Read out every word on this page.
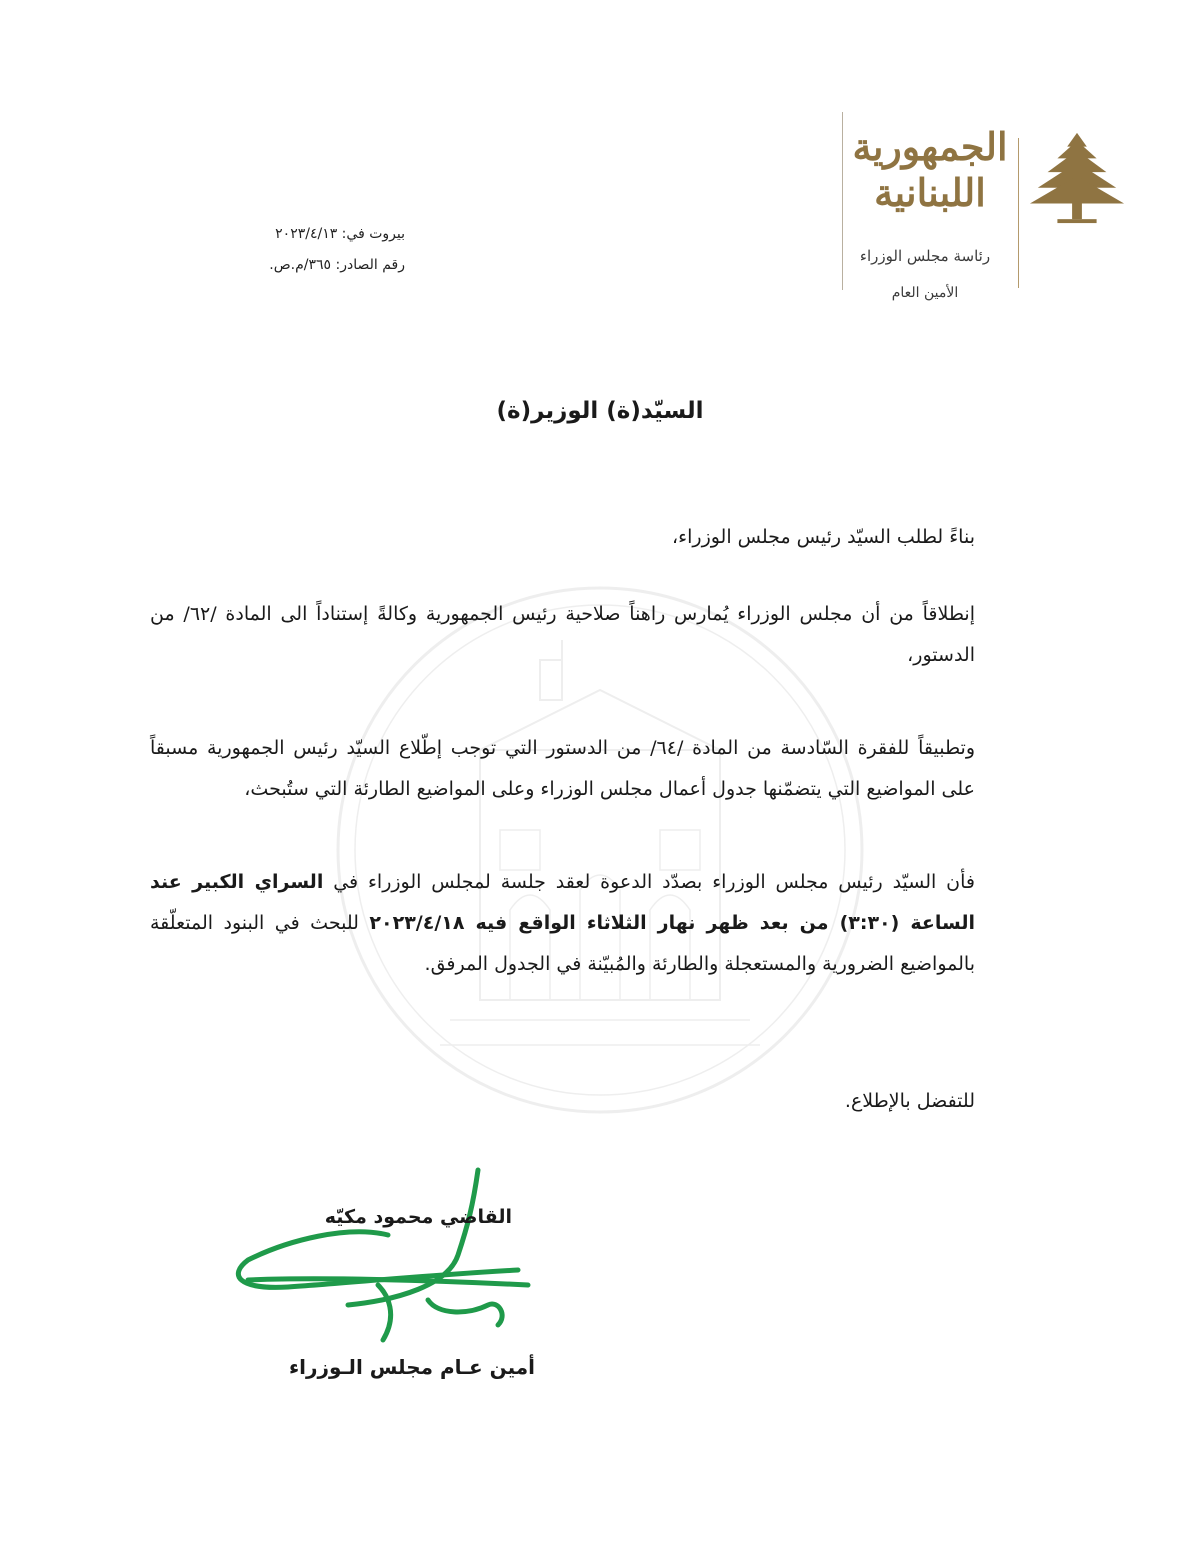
الجمهورية
اللبنانية
رئاسة مجلس الوزراء
الأمين العام
بيروت في: ٢٠٢٣/٤/١٣
رقم الصادر: ٣٦٥/م.ص.
السيّد(ة) الوزير(ة)
بناءً لطلب السيّد رئيس مجلس الوزراء،
إنطلاقاً من أن مجلس الوزراء يُمارس راهناً صلاحية رئيس الجمهورية وكالةً إستناداً الى المادة /٦٢/ من الدستور،
وتطبيقاً للفقرة السّادسة من المادة /٦٤/ من الدستور التي توجب إطّلاع السيّد رئيس الجمهورية مسبقاً على المواضيع التي يتضمّنها جدول أعمال مجلس الوزراء وعلى المواضيع الطارئة التي ستُبحث،
فأن السيّد رئيس مجلس الوزراء بصدّد الدعوة لعقد جلسة لمجلس الوزراء في السراي الكبير عند الساعة (٣:٣٠) من بعد ظهر نهار الثلاثاء الواقع فيه ٢٠٢٣/٤/١٨ للبحث في البنود المتعلّقة بالمواضيع الضرورية والمستعجلة والطارئة والمُبيّنة في الجدول المرفق.
للتفضل بالإطلاع.
القاضي محمود مكيّه
أمين عـام مجلس الـوزراء
